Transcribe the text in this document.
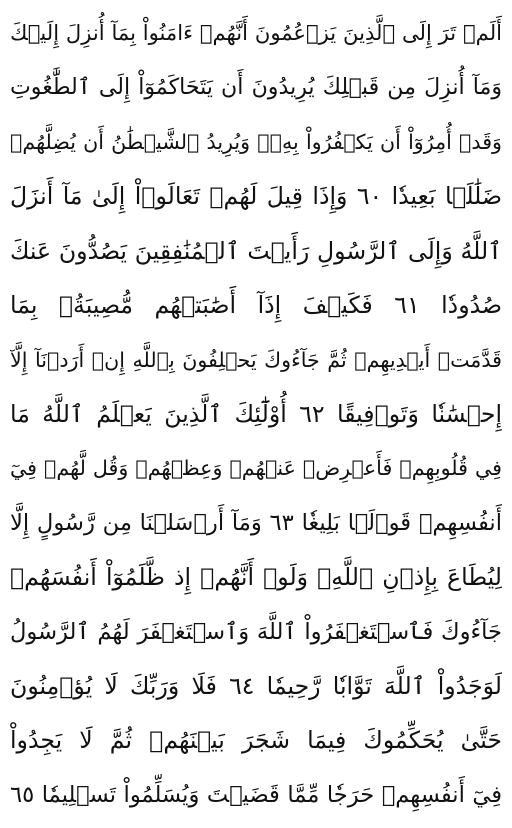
أَلَمۡ تَرَ إِلَى ٱلَّذِينَ يَزۡعُمُونَ أَنَّهُمۡ ءَامَنُواْ بِمَآ أُنزِلَ إِلَيۡكَ
وَمَآ أُنزِلَ مِن قَبۡلِكَ يُرِيدُونَ أَن يَتَحَاكَمُوٓاْ إِلَى ٱلطَّٰغُوتِ
وَقَدۡ أُمِرُوٓاْ أَن يَكۡفُرُواْ بِهِۦۖ وَيُرِيدُ ٱلشَّيۡطَٰنُ أَن يُضِلَّهُمۡ
ضَلَٰلَۢا بَعِيدٗا ٦٠ وَإِذَا قِيلَ لَهُمۡ تَعَالَوۡاْ إِلَىٰ مَآ أَنزَلَ
ٱللَّهُ وَإِلَى ٱلرَّسُولِ رَأَيۡتَ ٱلۡمُنَٰفِقِينَ يَصُدُّونَ عَنكَ
صُدُودٗا ٦١ فَكَيۡفَ إِذَآ أَصَٰبَتۡهُم مُّصِيبَةُۢ بِمَا
قَدَّمَتۡ أَيۡدِيهِمۡ ثُمَّ جَآءُوكَ يَحۡلِفُونَ بِٱللَّهِ إِنۡ أَرَدۡنَآ إِلَّآ
إِحۡسَٰنٗا وَتَوۡفِيقًا ٦٢ أُوْلَٰٓئِكَ ٱلَّذِينَ يَعۡلَمُ ٱللَّهُ مَا
فِي قُلُوبِهِمۡ فَأَعۡرِضۡ عَنۡهُمۡ وَعِظۡهُمۡ وَقُل لَّهُمۡ فِيٓ
أَنفُسِهِمۡ قَوۡلَۢا بَلِيغٗا ٦٣ وَمَآ أَرۡسَلۡنَا مِن رَّسُولٍ إِلَّا
لِيُطَاعَ بِإِذۡنِ ٱللَّهِۚ وَلَوۡ أَنَّهُمۡ إِذ ظَّلَمُوٓاْ أَنفُسَهُمۡ
جَآءُوكَ فَٱسۡتَغۡفَرُواْ ٱللَّهَ وَٱسۡتَغۡفَرَ لَهُمُ ٱلرَّسُولُ
لَوَجَدُواْ ٱللَّهَ تَوَّابٗا رَّحِيمٗا ٦٤ فَلَا وَرَبِّكَ لَا يُؤۡمِنُونَ
حَتَّىٰ يُحَكِّمُوكَ فِيمَا شَجَرَ بَيۡنَهُمۡ ثُمَّ لَا يَجِدُواْ
فِيٓ أَنفُسِهِمۡ حَرَجٗا مِّمَّا قَضَيۡتَ وَيُسَلِّمُواْ تَسۡلِيمٗا ٦٥
